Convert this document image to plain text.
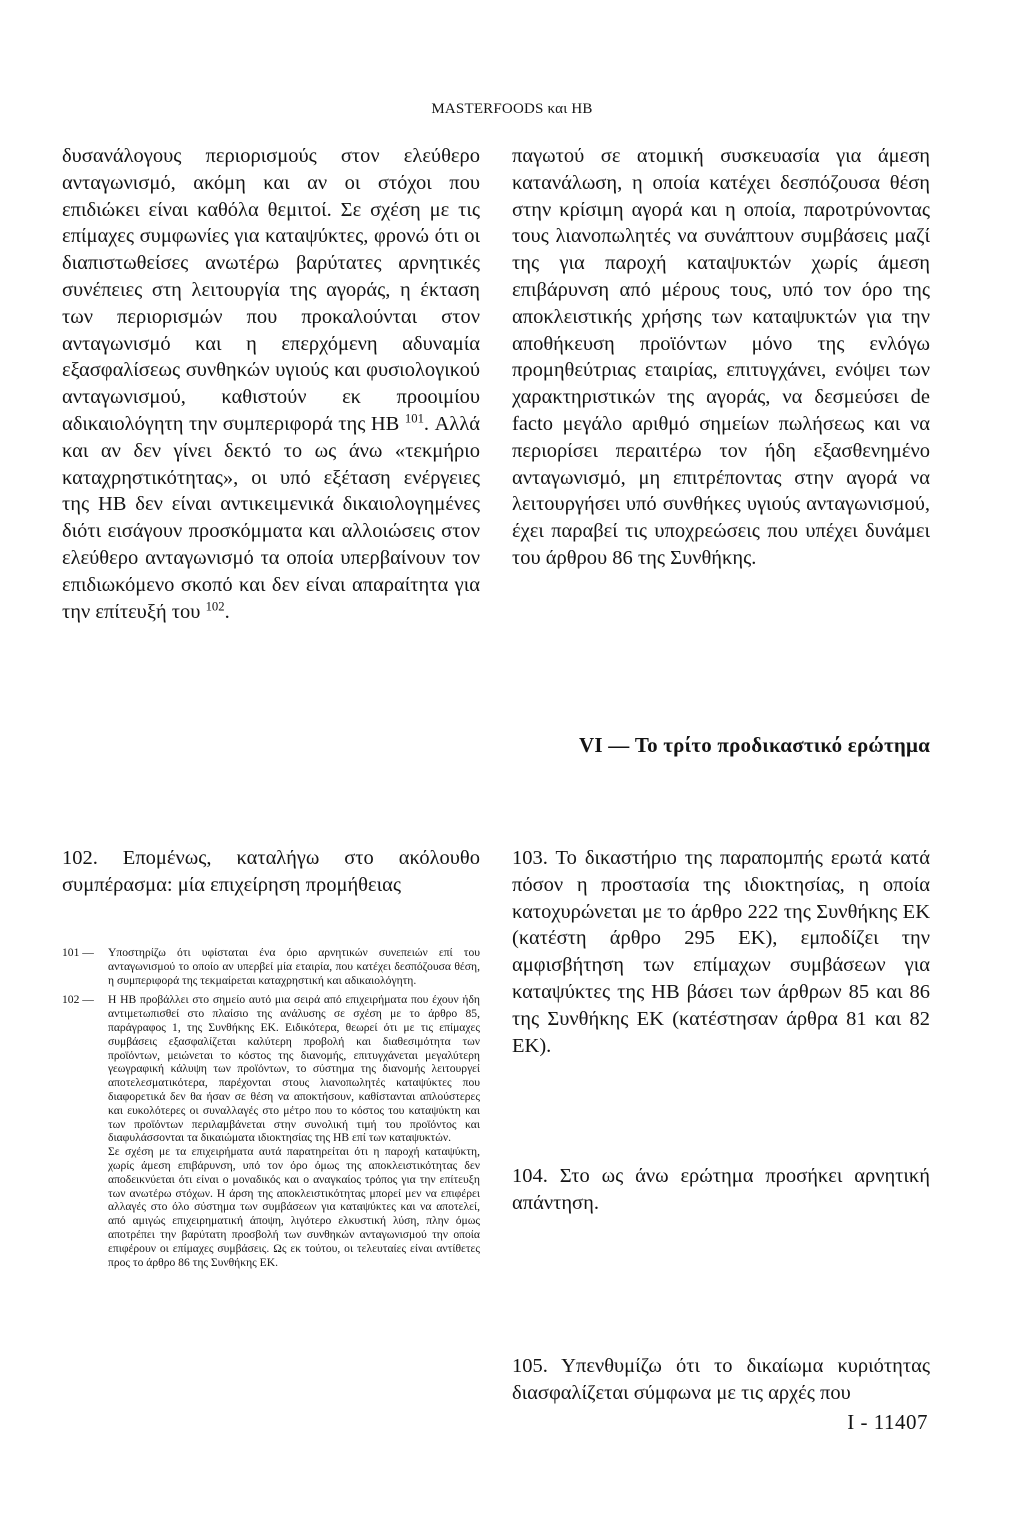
MASTERFOODS και HB

δυσανάλογους περιορισμούς στον ελεύθερο ανταγωνισμό, ακόμη και αν οι στόχοι που επιδιώκει είναι καθόλα θεμιτοί. Σε σχέση με τις επίμαχες συμφωνίες για καταψύκτες, φρονώ ότι οι διαπιστωθείσες ανωτέρω βαρύτατες αρνητικές συνέπειες στη λειτουργία της αγοράς, η έκταση των περιορισμών που προκαλούνται στον ανταγωνισμό και η επερχόμενη αδυναμία εξασφαλίσεως συνθηκών υγιούς και φυσιολογικού ανταγωνισμού, καθιστούν εκ προοιμίου αδικαιολόγητη την συμπεριφορά της HB $^{101}$. Αλλά και αν δεν γίνει δεκτό το ως άνω «τεκμήριο καταχρηστικότητας», οι υπό εξέταση ενέργειες της HB δεν είναι αντικειμενικά δικαιολογημένες διότι εισάγουν προσκόμματα και αλλοιώσεις στον ελεύθερο ανταγωνισμό τα οποία υπερβαίνουν τον επιδιωκόμενο σκοπό και δεν είναι απαραίτητα για την επίτευξή του $^{102}$.

παγωτού σε ατομική συσκευασία για άμεση κατανάλωση, η οποία κατέχει δεσπόζουσα θέση στην κρίσιμη αγορά και η οποία, παροτρύνοντας τους λιανοπωλητές να συνάπτουν συμβάσεις μαζί της για παροχή καταψυκτών χωρίς άμεση επιβάρυνση από μέρους τους, υπό τον όρο της αποκλειστικής χρήσης των καταψυκτών για την αποθήκευση προϊόντων μόνο της ενλόγω προμηθεύτριας εταιρίας, επιτυγχάνει, ενόψει των χαρακτηριστικών της αγοράς, να δεσμεύσει de facto μεγάλο αριθμό σημείων πωλήσεως και να περιορίσει περαιτέρω τον ήδη εξασθενημένο ανταγωνισμό, μη επιτρέποντας στην αγορά να λειτουργήσει υπό συνθήκες υγιούς ανταγωνισμού, έχει παραβεί τις υποχρεώσεις που υπέχει δυνάμει του άρθρου 86 της Συνθήκης.

VI — Το τρίτο προδικαστικό ερώτημα

102. Επομένως, καταλήγω στο ακόλουθο συμπέρασμα: μία επιχείρηση προμήθειας

101 —	Υποστηρίζω ότι υφίσταται ένα όριο αρνητικών συνεπειών επί του ανταγωνισμού το οποίο αν υπερβεί μία εταιρία, που κατέχει δεσπόζουσα θέση, η συμπεριφορά της τεκμαίρεται καταχρηστική και αδικαιολόγητη.
102 —	Η HB προβάλλει στο σημείο αυτό μια σειρά από επιχειρήματα που έχουν ήδη αντιμετωπισθεί στο πλαίσιο της ανάλυσης σε σχέση με το άρθρο 85, παράγραφος 1, της Συνθήκης ΕΚ. Ειδικότερα, θεωρεί ότι με τις επίμαχες συμβάσεις εξασφαλίζεται καλύτερη προβολή και διαθεσιμότητα των προϊόντων, μειώνεται το κόστος της διανομής, επιτυγχάνεται μεγαλύτερη γεωγραφική κάλυψη των προϊόντων, το σύστημα της διανομής λειτουργεί αποτελεσματικότερα, παρέχονται στους λιανοπωλητές καταψύκτες που διαφορετικά δεν θα ήσαν σε θέση να αποκτήσουν, καθίστανται απλούστερες και ευκολότερες οι συναλλαγές στο μέτρο που το κόστος του καταψύκτη και των προϊόντων περιλαμβάνεται στην συνολική τιμή του προϊόντος και διαφυλάσσονται τα δικαιώματα ιδιοκτησίας της HB επί των καταψυκτών.
Σε σχέση με τα επιχειρήματα αυτά παρατηρείται ότι η παροχή καταψύκτη, χωρίς άμεση επιβάρυνση, υπό τον όρο όμως της αποκλειστικότητας δεν αποδεικνύεται ότι είναι ο μοναδικός και ο αναγκαίος τρόπος για την επίτευξη των ανωτέρω στόχων. Η άρση της αποκλειστικότητας μπορεί μεν να επιφέρει αλλαγές στο όλο σύστημα των συμβάσεων για καταψύκτες και να αποτελεί, από αμιγώς επιχειρηματική άποψη, λιγότερο ελκυστική λύση, πλην όμως αποτρέπει την βαρύτατη προσβολή των συνθηκών ανταγωνισμού την οποία επιφέρουν οι επίμαχες συμβάσεις. Ως εκ τούτου, οι τελευταίες είναι αντίθετες προς το άρθρο 86 της Συνθήκης ΕΚ.

103. Το δικαστήριο της παραπομπής ερωτά κατά πόσον η προστασία της ιδιοκτησίας, η οποία κατοχυρώνεται με το άρθρο 222 της Συνθήκης ΕΚ (κατέστη άρθρο 295 ΕΚ), εμποδίζει την αμφισβήτηση των επίμαχων συμβάσεων για καταψύκτες της HB βάσει των άρθρων 85 και 86 της Συνθήκης ΕΚ (κατέστησαν άρθρα 81 και 82 ΕΚ).

104. Στο ως άνω ερώτημα προσήκει αρνητική απάντηση.

105. Υπενθυμίζω ότι το δικαίωμα κυριότητας διασφαλίζεται σύμφωνα με τις αρχές που

I - 11407
